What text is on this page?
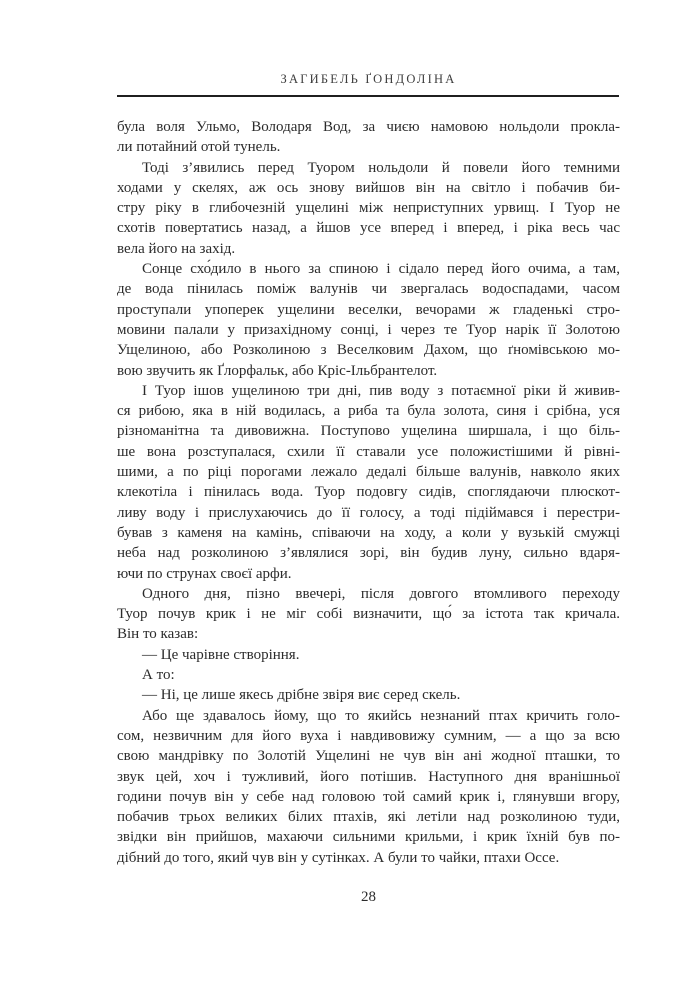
ЗАГИБЕЛЬ ҐОНДОЛІНА
була воля Ульмо, Володаря Вод, за чиєю намовою нольдоли прокла-
ли потайний отой тунель.
Тоді з’явились перед Туором нольдоли й повели його темними
ходами у скелях, аж ось знову вийшов він на світло і побачив би-
стру ріку в глибочезній ущелині між неприступних урвищ. І Туор не
схотів повертатись назад, а йшов усе вперед і вперед, і ріка весь час
вела його на захід.
Сонце схо́дило в нього за спиною і сідало перед його очима, а там,
де вода пінилась поміж валунів чи звергалась водоспадами, часом
проступали упоперек ущелини веселки, вечорами ж гладенькі стро-
мовини палали у призахідному сонці, і через те Туор нарік її Золотою
Ущелиною, або Розколиною з Веселковим Дахом, що ґномівською мо-
вою звучить як Ґлорфальк, або Кріс-Ільбрантелот.
І Туор ішов ущелиною три дні, пив воду з потаємної ріки й живив-
ся рибою, яка в ній водилась, а риба та була золота, синя і срібна, уся
різноманітна та дивовижна. Поступово ущелина ширшала, і що біль-
ше вона розступалася, схили її ставали усе положистішими й рівні-
шими, а по ріці порогами лежало дедалі більше валунів, навколо яких
клекотіла і пінилась вода. Туор подовгу сидів, споглядаючи плюскот-
ливу воду і прислухаючись до її голосу, а тоді підіймався і перестри-
бував з каменя на камінь, співаючи на ходу, а коли у вузькій смужці
неба над розколиною з’являлися зорі, він будив луну, сильно вдаря-
ючи по струнах своєї арфи.
Одного дня, пізно ввечері, після довгого втомливого переходу
Туор почув крик і не міг собі визначити, що́ за істота так кричала.
Він то казав:
— Це чарівне створіння.
А то:
— Ні, це лише якесь дрібне звіря виє серед скель.
Або ще здавалось йому, що то якийсь незнаний птах кричить голо-
сом, незвичним для його вуха і навдивовижу сумним, — а що за всю
свою мандрівку по Золотій Ущелині не чув він ані жодної пташки, то
звук цей, хоч і тужливий, його потішив. Наступного дня вранішньої
години почув він у себе над головою той самий крик і, глянувши вгору,
побачив трьох великих білих птахів, які летіли над розколиною туди,
звідки він прийшов, махаючи сильними крильми, і крик їхній був по-
дібний до того, який чув він у сутінках. А були то чайки, птахи Оссе.
28
